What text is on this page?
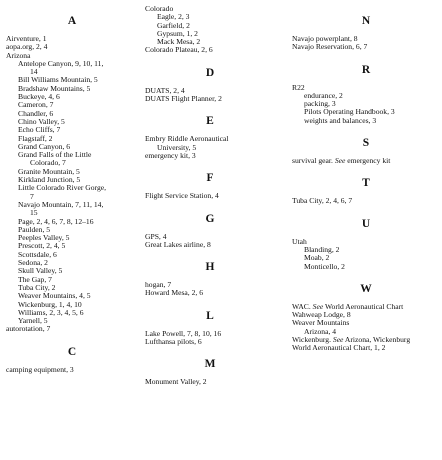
A
Airventure, 1
aopa.org, 2, 4
Arizona
Antelope Canyon, 9, 10, 11,
14
Bill Williams Mountain, 5
Bradshaw Mountains, 5
Buckeye, 4, 6
Cameron, 7
Chandler, 6
Chino Valley, 5
Echo Cliffs, 7
Flagstaff, 2
Grand Canyon, 6
Grand Falls of the Little
Colorado, 7
Granite Mountain, 5
Kirkland Junction, 5
Little Colorado River Gorge,
7
Navajo Mountain, 7, 11, 14,
15
Page, 2, 4, 6, 7, 8, 12–16
Paulden, 5
Peeples Valley, 5
Prescott, 2, 4, 5
Scottsdale, 6
Sedona, 2
Skull Valley, 5
The Gap, 7
Tuba City, 2
Weaver Mountains, 4, 5
Wickenburg, 1, 4, 10
Williams, 2, 3, 4, 5, 6
Yarnell, 5
autorotation, 7
C
camping equipment, 3
Colorado
Eagle, 2, 3
Garfield, 2
Gypsum, 1, 2
Mack Mesa, 2
Colorado Plateau, 2, 6
D
DUATS, 2, 4
DUATS Flight Planner, 2
E
Embry Riddle Aeronautical
University, 5
emergency kit, 3
F
Flight Service Station, 4
G
GPS, 4
Great Lakes airline, 8
H
hogan, 7
Howard Mesa, 2, 6
L
Lake Powell, 7, 8, 10, 16
Lufthansa pilots, 6
M
Monument Valley, 2
N
Navajo powerplant, 8
Navajo Reservation, 6, 7
R
R22
endurance, 2
packing, 3
Pilots Operating Handbook, 3
weights and balances, 3
S
survival gear. See emergency kit
T
Tuba City, 2, 4, 6, 7
U
Utah
Blanding, 2
Moab, 2
Monticello, 2
W
WAC. See World Aeronautical Chart
Wahweap Lodge, 8
Weaver Mountains
Arizona, 4
Wickenburg. See Arizona, Wickenburg
World Aeronautical Chart, 1, 2
